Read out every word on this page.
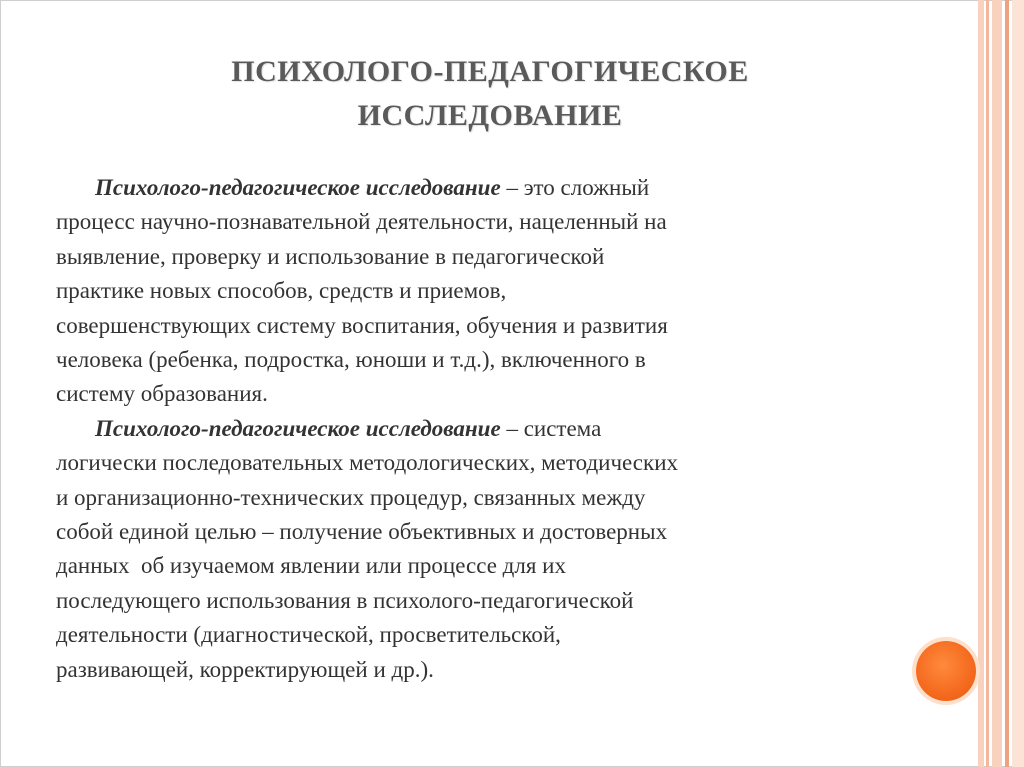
ПСИХОЛОГО-ПЕДАГОГИЧЕСКОЕ
ИССЛЕДОВАНИЕ
Психолого-педагогическое исследование – это сложный
процесс научно-познавательной деятельности, нацеленный на
выявление, проверку и использование в педагогической
практике новых способов, средств и приемов,
совершенствующих систему воспитания, обучения и развития
человека (ребенка, подростка, юноши и т.д.), включенного в
систему образования.
Психолого-педагогическое исследование – система
логически последовательных методологических, методических
и организационно-технических процедур, связанных между
собой единой целью – получение объективных и достоверных
данных  об изучаемом явлении или процессе для их
последующего использования в психолого-педагогической
деятельности (диагностической, просветительской,
развивающей, корректирующей и др.).
